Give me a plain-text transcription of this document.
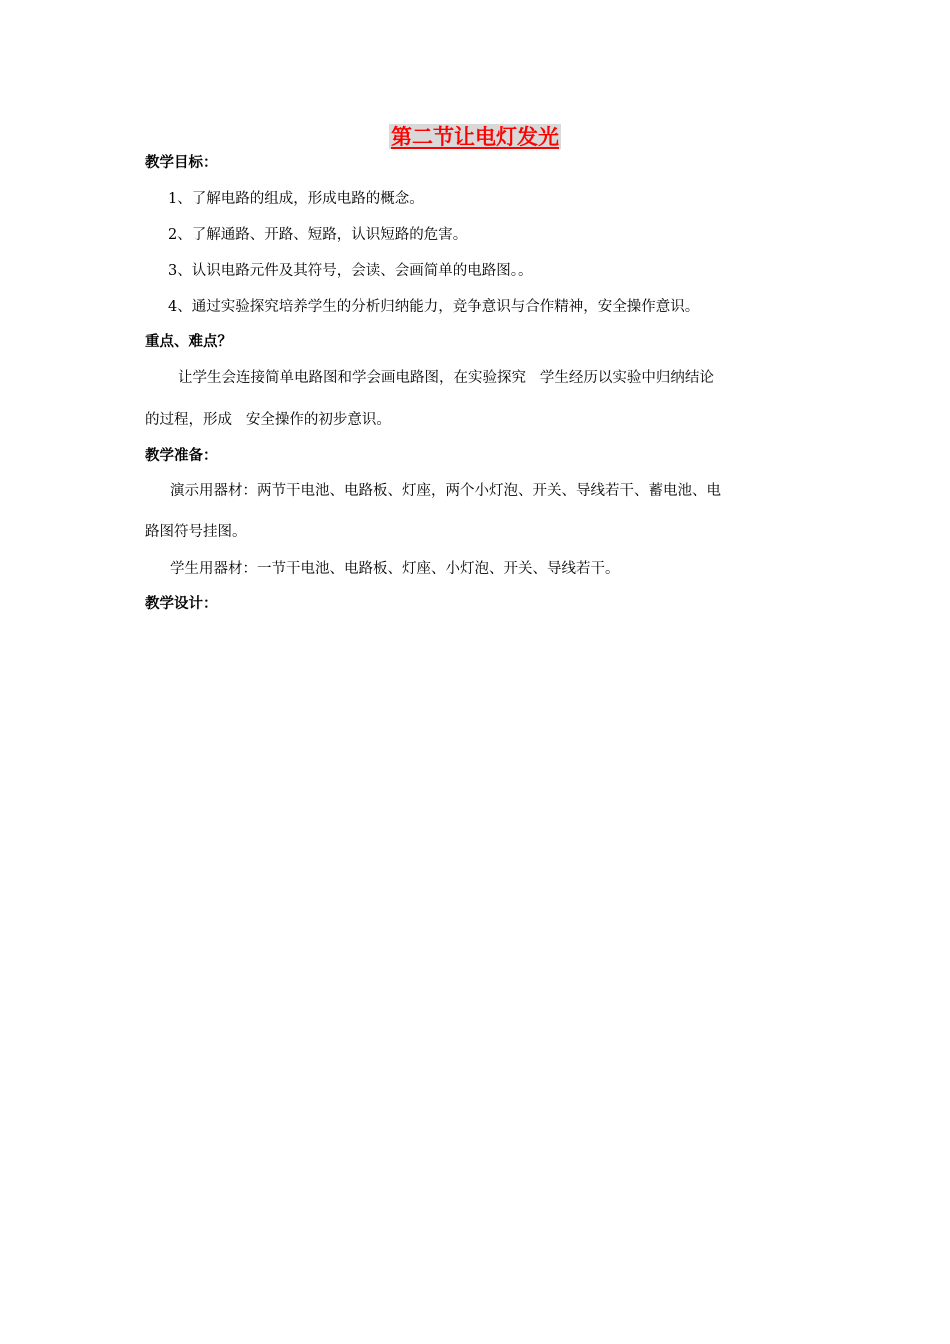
第二节让电灯发光
教学目标：
1、了解电路的组成，形成电路的概念。
2、了解通路、开路、短路，认识短路的危害。
3、认识电路元件及其符号，会读、会画简单的电路图。。
4、通过实验探究培养学生的分析归纳能力，竞争意识与合作精神，安全操作意识。
重点、难点？
让学生会连接简单电路图和学会画电路图，在实验探究   学生经历以实验中归纳结论
的过程，形成   安全操作的初步意识。
教学准备：
演示用器材：两节干电池、电路板、灯座，两个小灯泡、开关、导线若干、蓄电池、电
路图符号挂图。
学生用器材：一节干电池、电路板、灯座、小灯泡、开关、导线若干。
教学设计：
